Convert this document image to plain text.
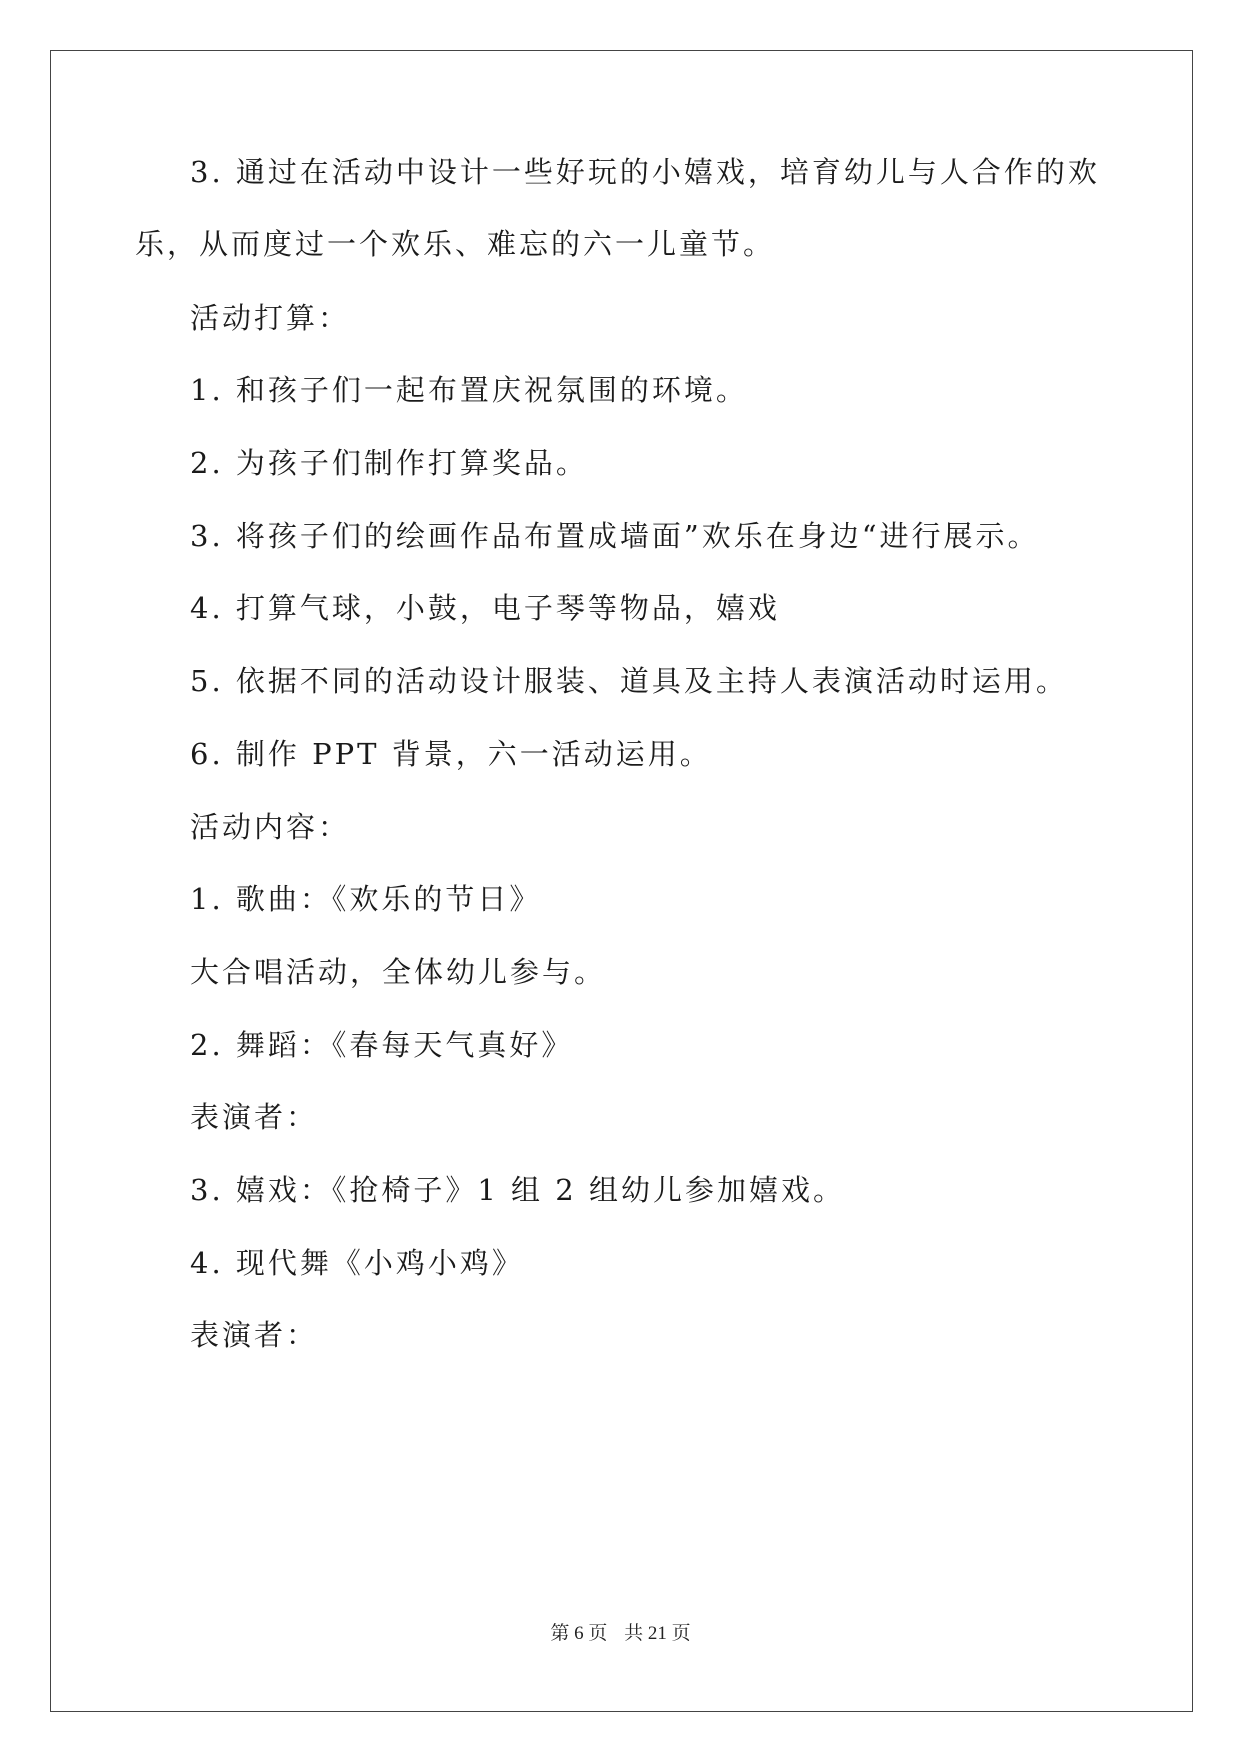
3. 通过在活动中设计一些好玩的小嬉戏，培育幼儿与人合作的欢
乐，从而度过一个欢乐、难忘的六一儿童节。
活动打算：
1. 和孩子们一起布置庆祝氛围的环境。
2. 为孩子们制作打算奖品。
3. 将孩子们的绘画作品布置成墙面”欢乐在身边“进行展示。
4. 打算气球，小鼓，电子琴等物品，嬉戏
5. 依据不同的活动设计服装、道具及主持人表演活动时运用。
6. 制作 PPT 背景，六一活动运用。
活动内容：
1. 歌曲：《欢乐的节日》
大合唱活动，全体幼儿参与。
2. 舞蹈：《春每天气真好》
表演者：
3. 嬉戏：《抢椅子》1 组 2 组幼儿参加嬉戏。
4. 现代舞《小鸡小鸡》
表演者：
第 6 页 共 21 页
